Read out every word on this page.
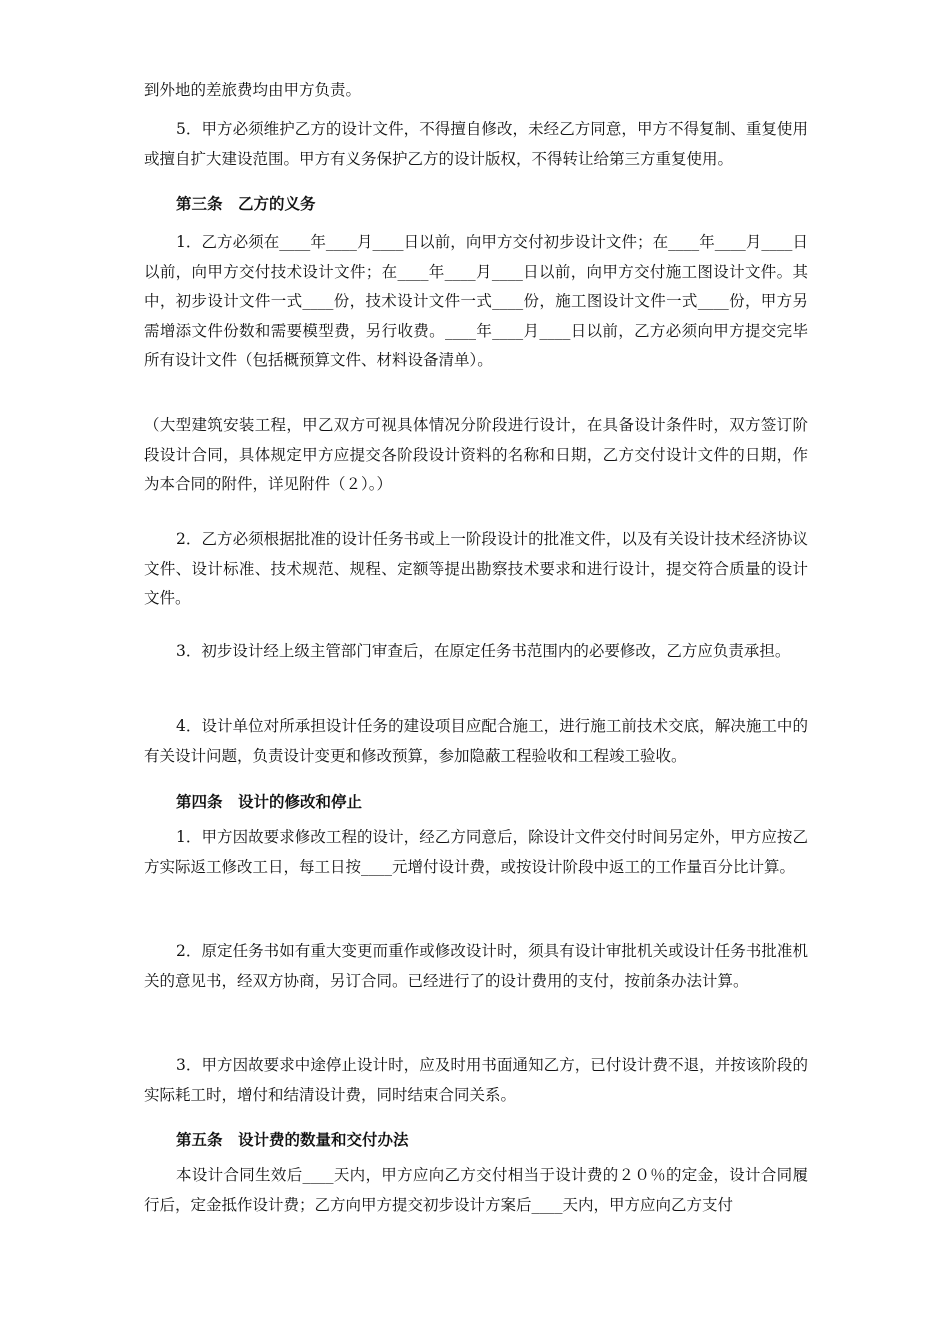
到外地的差旅费均由甲方负责。

5．甲方必须维护乙方的设计文件，不得擅自修改，未经乙方同意，甲方不得复制、重复使用或擅自扩大建设范围。甲方有义务保护乙方的设计版权，不得转让给第三方重复使用。

第三条　乙方的义务

1．乙方必须在____年____月____日以前，向甲方交付初步设计文件；在____年____月____日以前，向甲方交付技术设计文件；在____年____月____日以前，向甲方交付施工图设计文件。其中，初步设计文件一式____份，技术设计文件一式____份，施工图设计文件一式____份，甲方另需增添文件份数和需要模型费，另行收费。____年____月____日以前，乙方必须向甲方提交完毕所有设计文件（包括概预算文件、材料设备清单）。

（大型建筑安装工程，甲乙双方可视具体情况分阶段进行设计，在具备设计条件时，双方签订阶段设计合同，具体规定甲方应提交各阶段设计资料的名称和日期，乙方交付设计文件的日期，作为本合同的附件，详见附件（２）。）

2．乙方必须根据批准的设计任务书或上一阶段设计的批准文件，以及有关设计技术经济协议文件、设计标准、技术规范、规程、定额等提出勘察技术要求和进行设计，提交符合质量的设计文件。

3．初步设计经上级主管部门审查后，在原定任务书范围内的必要修改，乙方应负责承担。

4．设计单位对所承担设计任务的建设项目应配合施工，进行施工前技术交底，解决施工中的有关设计问题，负责设计变更和修改预算，参加隐蔽工程验收和工程竣工验收。

第四条　设计的修改和停止

1．甲方因故要求修改工程的设计，经乙方同意后，除设计文件交付时间另定外，甲方应按乙方实际返工修改工日，每工日按____元增付设计费，或按设计阶段中返工的工作量百分比计算。

2．原定任务书如有重大变更而重作或修改设计时，须具有设计审批机关或设计任务书批准机关的意见书，经双方协商，另订合同。已经进行了的设计费用的支付，按前条办法计算。

3．甲方因故要求中途停止设计时，应及时用书面通知乙方，已付设计费不退，并按该阶段的实际耗工时，增付和结清设计费，同时结束合同关系。

第五条　设计费的数量和交付办法

本设计合同生效后____天内，甲方应向乙方交付相当于设计费的２０％的定金，设计合同履行后，定金抵作设计费；乙方向甲方提交初步设计方案后____天内，甲方应向乙方支付
